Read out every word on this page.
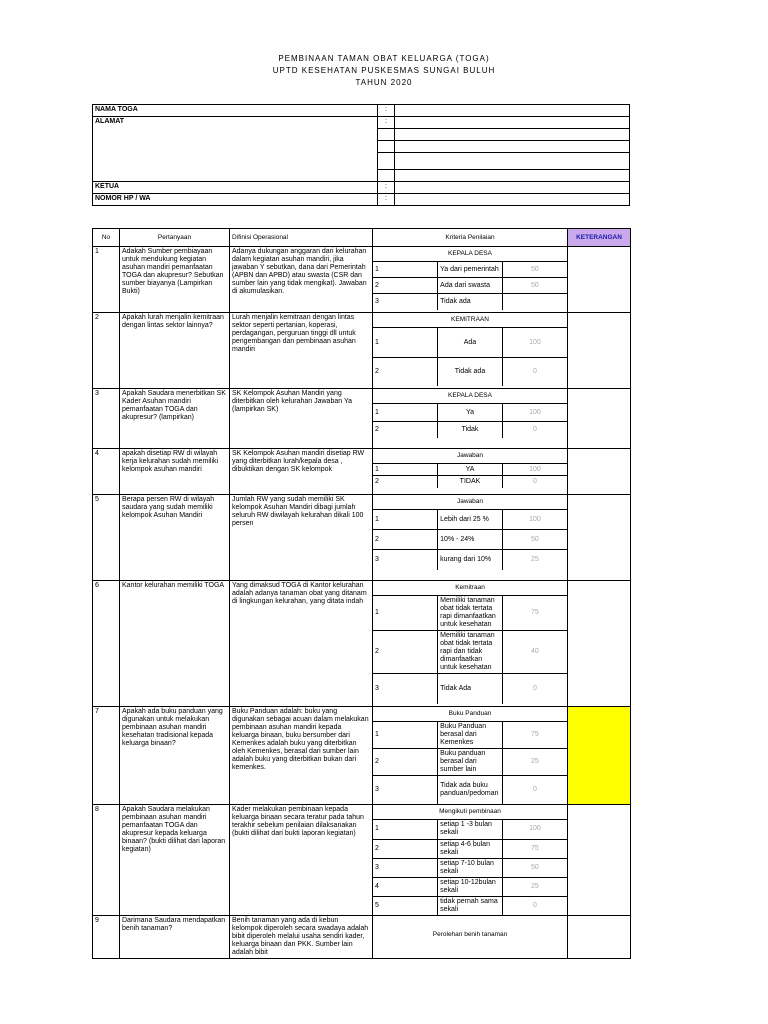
PEMBINAAN TAMAN OBAT KELUARGA (TOGA)
UPTD KESEHATAN PUSKESMAS SUNGAI BULUH
TAHUN 2020
NAMA TOGA	:	
ALAMAT	:	

KETUA	:	
NOMOR HP / WA	:	
No	Pertanyaan	Difinisi Operasional	Kriteria Penilaian	KETERANGAN
1	Adakah Sumber pembiayaan untuk mendukung kegiatan asuhan mandiri pemanfaatan TOGA dan akupresur? Sebutkan sumber biayanya (Lampirkan Bukti)	Adanya dukungan anggaran dari kelurahan dalam kegiatan asuhan mandiri, jika jawaban Y sebutkan, dana dari Pemerintah (APBN dan APBD) atau swasta (CSR dan sumber lain yang tidak mengikat). Jawaban di akumulasikan.	
KEPALA DESA
1	Ya dari pemerintah	50
2	Ada dari swasta	50
3	Tidak ada	

2	Apakah lurah menjalin kemitraan dengan lintas sektor lainnya?	Lurah menjalin kemitraan dengan lintas sektor seperti pertanian, koperasi, perdagangan, perguruan tinggi dll untuk pengembangan dan pembinaan asuhan mandiri	
KEMITRAAN
1	Ada	100
2	Tidak ada	0

3	Apakah Saudara menerbitkan SK Kader Asuhan mandiri pemanfaatan TOGA dan akupresur? (lampirkan)	SK Kelompok Asuhan Mandiri yang diterbitkan oleh kelurahan Jawaban Ya (lampirkan SK)	
KEPALA DESA
1	Ya	100
2	Tidak	0

4	apakah disetiap RW di wilayah kerja kelurahan sudah memiliki kelompok asuhan mandiri	SK Kelompok Asuhan mandiri disetiap RW yang diterbitkan lurah/kepala desa , dibuktikan dengan SK kelompok	
Jawaban
1	YA	100
2	TIDAK	0

5	Berapa persen RW di wilayah saudara yang sudah memiliki kelompok Asuhan Mandiri	Jumlah RW yang sudah memiliki SK kelompok Asuhan Mandiri dibagi jumlah seluruh RW diwilayah kelurahan dikali 100 persen	
Jawaban
1	Lebih dari 25 %	100
2	10% - 24%	50
3	kurang dari 10%	25

6	Kantor kelurahan memiliki TOGA	Yang dimaksud TOGA di Kantor kelurahan adalah adanya tanaman obat yang ditanam di lingkungan kelurahan, yang ditata indah	
Kemitraan
1	Memiliki tanaman obat tidak tertata rapi dimanfaatkan untuk kesehatan	75
2	Memiliki tanaman obat tidak tertata rapi dan tidak dimanfaatkan untuk kesehatan	40
3	Tidak Ada	0

7	Apakah ada buku panduan yang digunakan untuk melakukan pembinaan asuhan mandiri kesehatan tradisional kepada keluarga binaan?	Buku Panduan adalah: buku yang digunakan sebagai acuan dalam melakukan pembinaan asuhan mandiri kepada keluarga binaan, buku bersumber dari Kemenkes adalah buku yang diterbitkan oleh Kemenkes, berasal dari sumber lain adalah buku yang diterbitkan bukan dari kemenkes.	
Buku Panduan
1	Buku Panduan berasal dari Kemenkes	75
2	Buku panduan berasal dari sumber lain	25
3	Tidak ada buku panduan/pedoman	0

8	Apakah Saudara melakukan pembinaan asuhan mandiri pemanfaatan TOGA dan akupresur kepada keluarga binaan? (bukti dilihat dari laporan kegiatan)	Kader melakukan pembinaan kepada keluarga binaan secara teratur pada tahun terakhir sebelum penilaian dilaksanakan (bukti dilihat dari bukti laporan kegiatan)	
Mengikuti pembinaan
1	setiap 1 -3 bulan sekali	100
2	setiap 4-6 bulan sekali	75
3	setiap 7-10 bulan sekali	50
4	setiap 10-12bulan sekali	25
5	tidak pernah sama sekali	0

9	Darimana Saudara mendapatkan benih tanaman?	Benih tanaman yang ada di kebun kelompok diperoleh secara swadaya adalah bibit diperoleh melalui usaha sendiri kader, keluarga binaan dan PKK. Sumber lain adalah bibit	
Perolehan benih tanaman
